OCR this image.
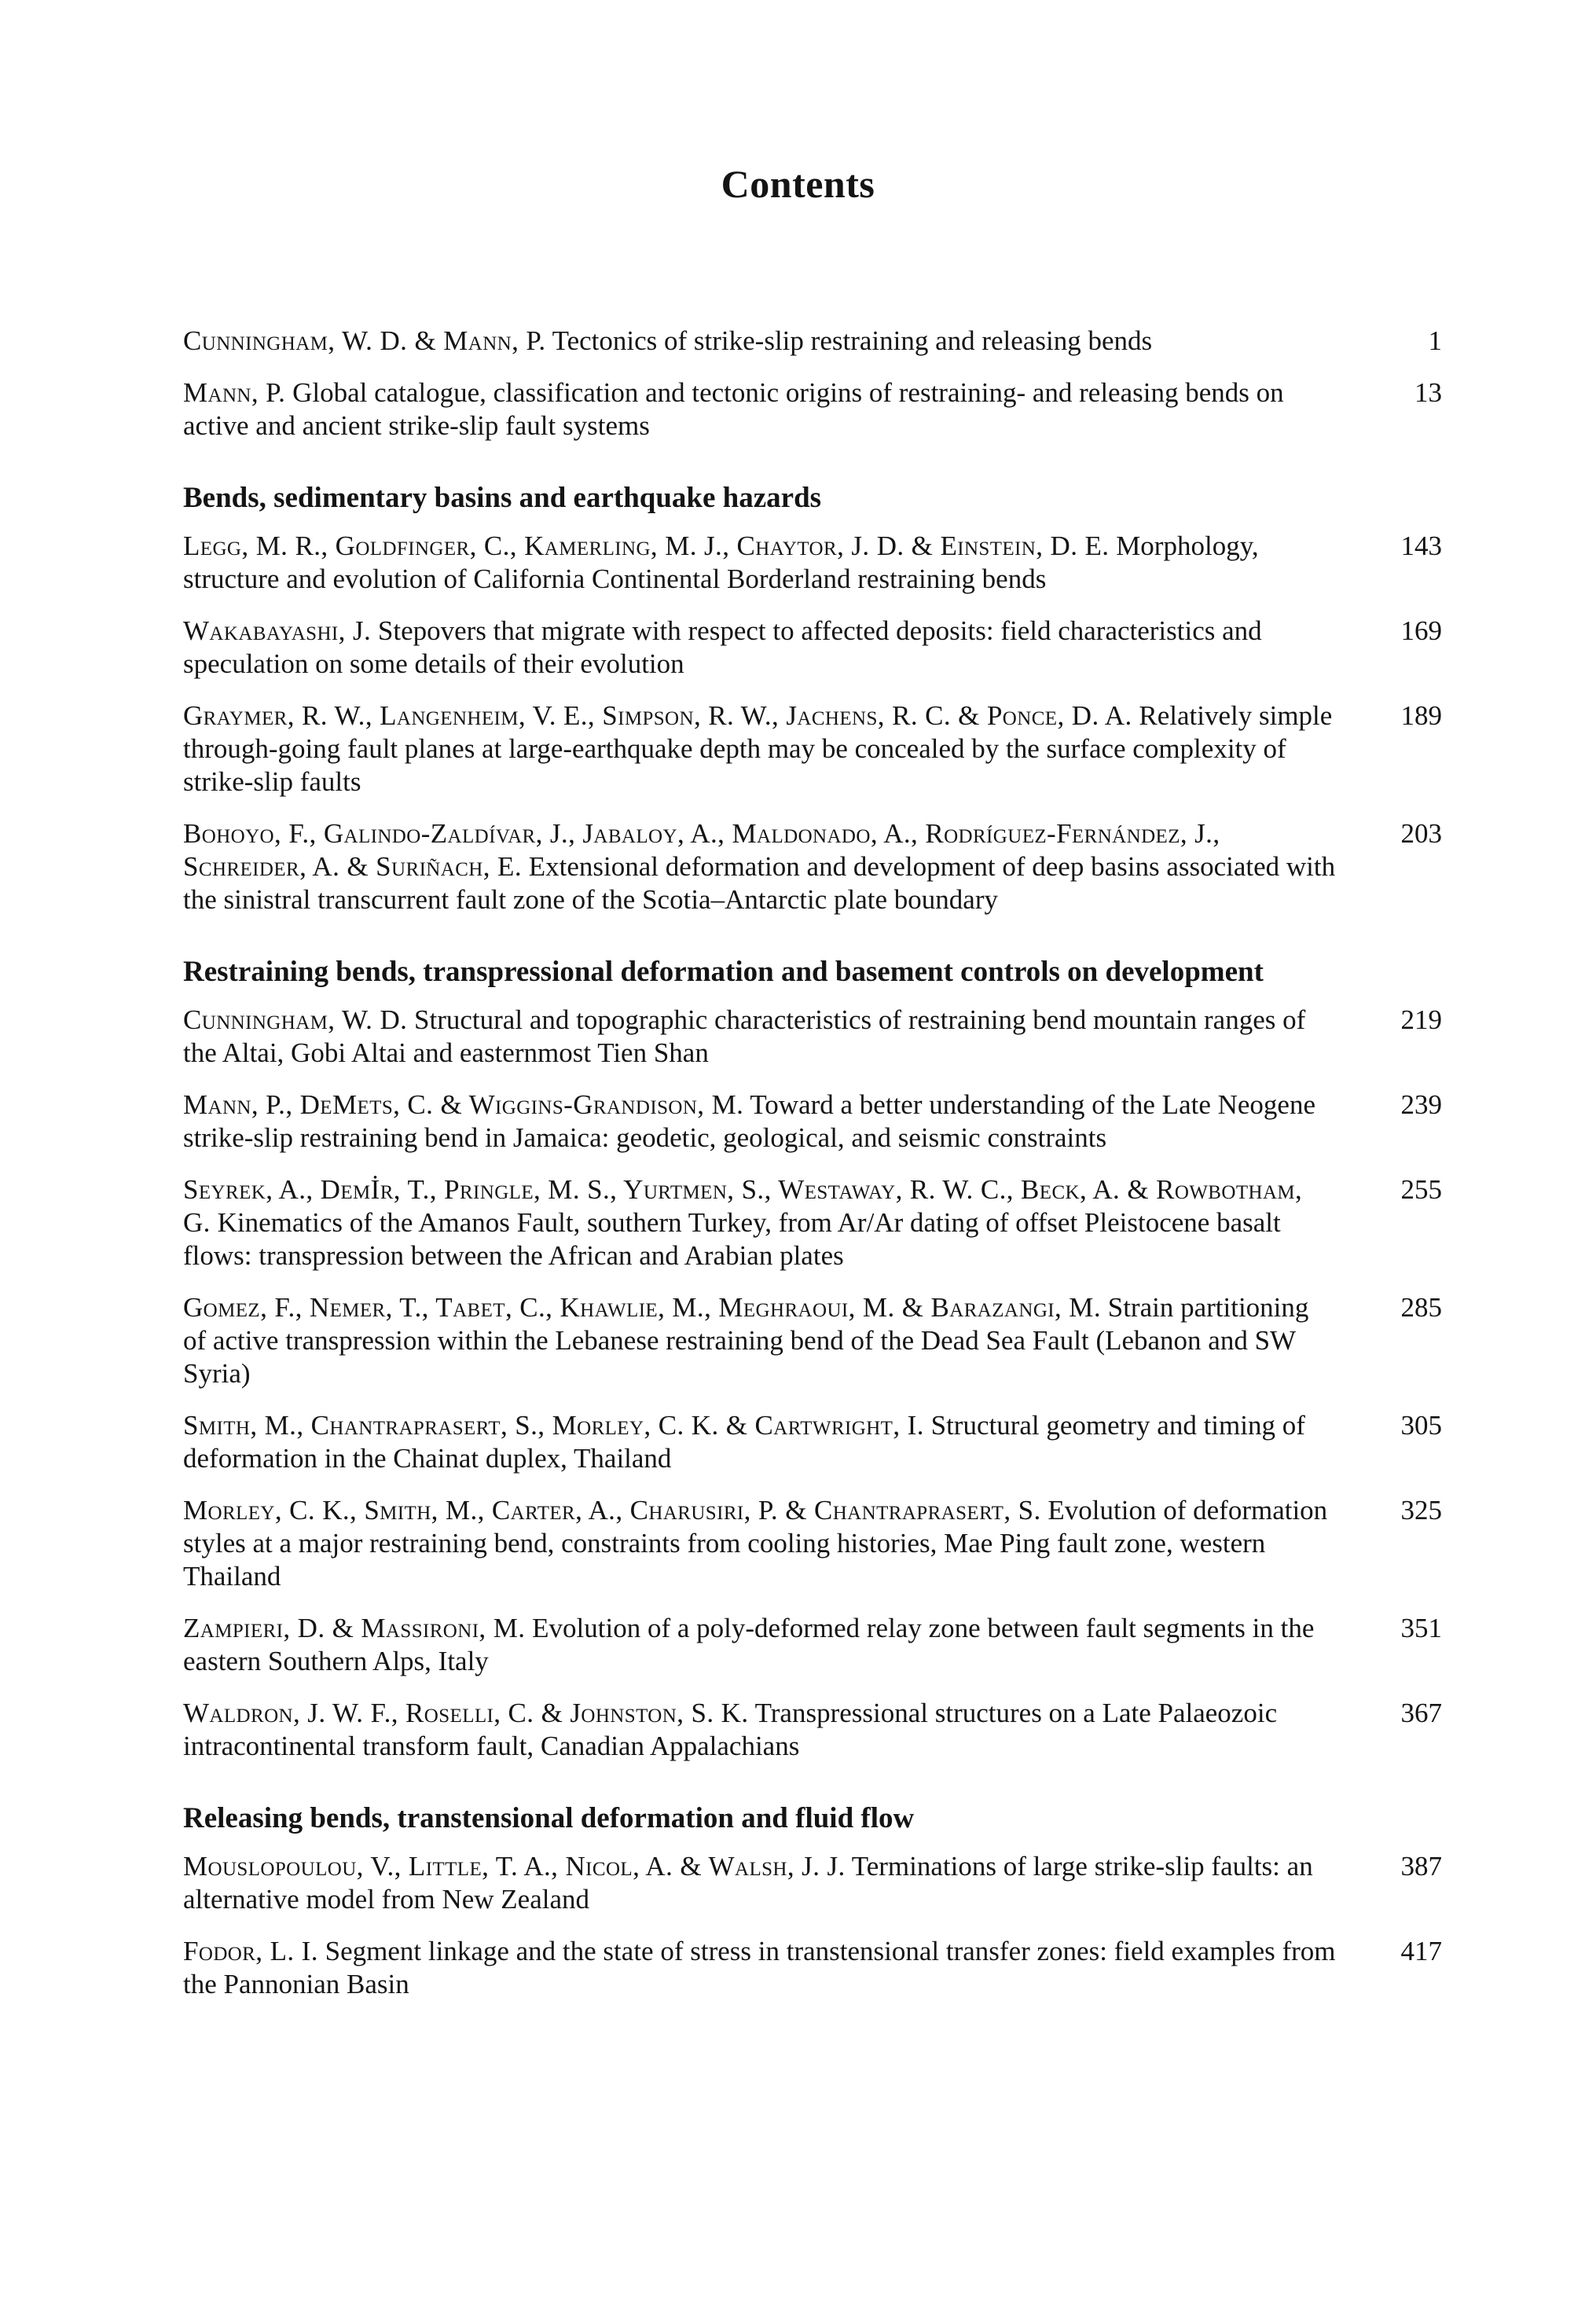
Contents

Cunningham, W. D. & Mann, P. Tectonics of strike-slip restraining and releasing bends	1

Mann, P. Global catalogue, classification and tectonic origins of restraining- and releasing bends on active and ancient strike-slip fault systems

13
Bends, sedimentary basins and earthquake hazards

Legg, M. R., Goldfinger, C., Kamerling, M. J., Chaytor, J. D. & Einstein, D. E. Morphology, structure and evolution of California Continental Borderland restraining bends

143

Wakabayashi, J. Stepovers that migrate with respect to affected deposits: field characteristics and speculation on some details of their evolution

169

Graymer, R. W., Langenheim, V. E., Simpson, R. W., Jachens, R. C. & Ponce, D. A. Relatively simple through-going fault planes at large-earthquake depth may be concealed by the surface complexity of strike-slip faults

189

Bohoyo, F., Galindo-Zaldívar, J., Jabaloy, A., Maldonado, A., Rodríguez-Fernández, J., Schreider, A. & Suriñach, E. Extensional deformation and development of deep basins associated with the sinistral transcurrent fault zone of the Scotia–Antarctic plate boundary

203
Restraining bends, transpressional deformation and basement controls on development

Cunningham, W. D. Structural and topographic characteristics of restraining bend mountain ranges of the Altai, Gobi Altai and easternmost Tien Shan

219

Mann, P., DeMets, C. & Wiggins-Grandison, M. Toward a better understanding of the Late Neogene strike-slip restraining bend in Jamaica: geodetic, geological, and seismic constraints

239

Seyrek, A., Demİr, T., Pringle, M. S., Yurtmen, S., Westaway, R. W. C., Beck, A. & Rowbotham, G. Kinematics of the Amanos Fault, southern Turkey, from Ar/Ar dating of offset Pleistocene basalt flows: transpression between the African and Arabian plates

255

Gomez, F., Nemer, T., Tabet, C., Khawlie, M., Meghraoui, M. & Barazangi, M. Strain partitioning of active transpression within the Lebanese restraining bend of the Dead Sea Fault (Lebanon and SW Syria)

285

Smith, M., Chantraprasert, S., Morley, C. K. & Cartwright, I. Structural geometry and timing of deformation in the Chainat duplex, Thailand

305

Morley, C. K., Smith, M., Carter, A., Charusiri, P. & Chantraprasert, S. Evolution of deformation styles at a major restraining bend, constraints from cooling histories, Mae Ping fault zone, western Thailand

325

Zampieri, D. & Massironi, M. Evolution of a poly-deformed relay zone between fault segments in the eastern Southern Alps, Italy

351

Waldron, J. W. F., Roselli, C. & Johnston, S. K. Transpressional structures on a Late Palaeozoic intracontinental transform fault, Canadian Appalachians

367
Releasing bends, transtensional deformation and fluid flow

Mouslopoulou, V., Little, T. A., Nicol, A. & Walsh, J. J. Terminations of large strike-slip faults: an alternative model from New Zealand

387

Fodor, L. I. Segment linkage and the state of stress in transtensional transfer zones: field examples from the Pannonian Basin

417
